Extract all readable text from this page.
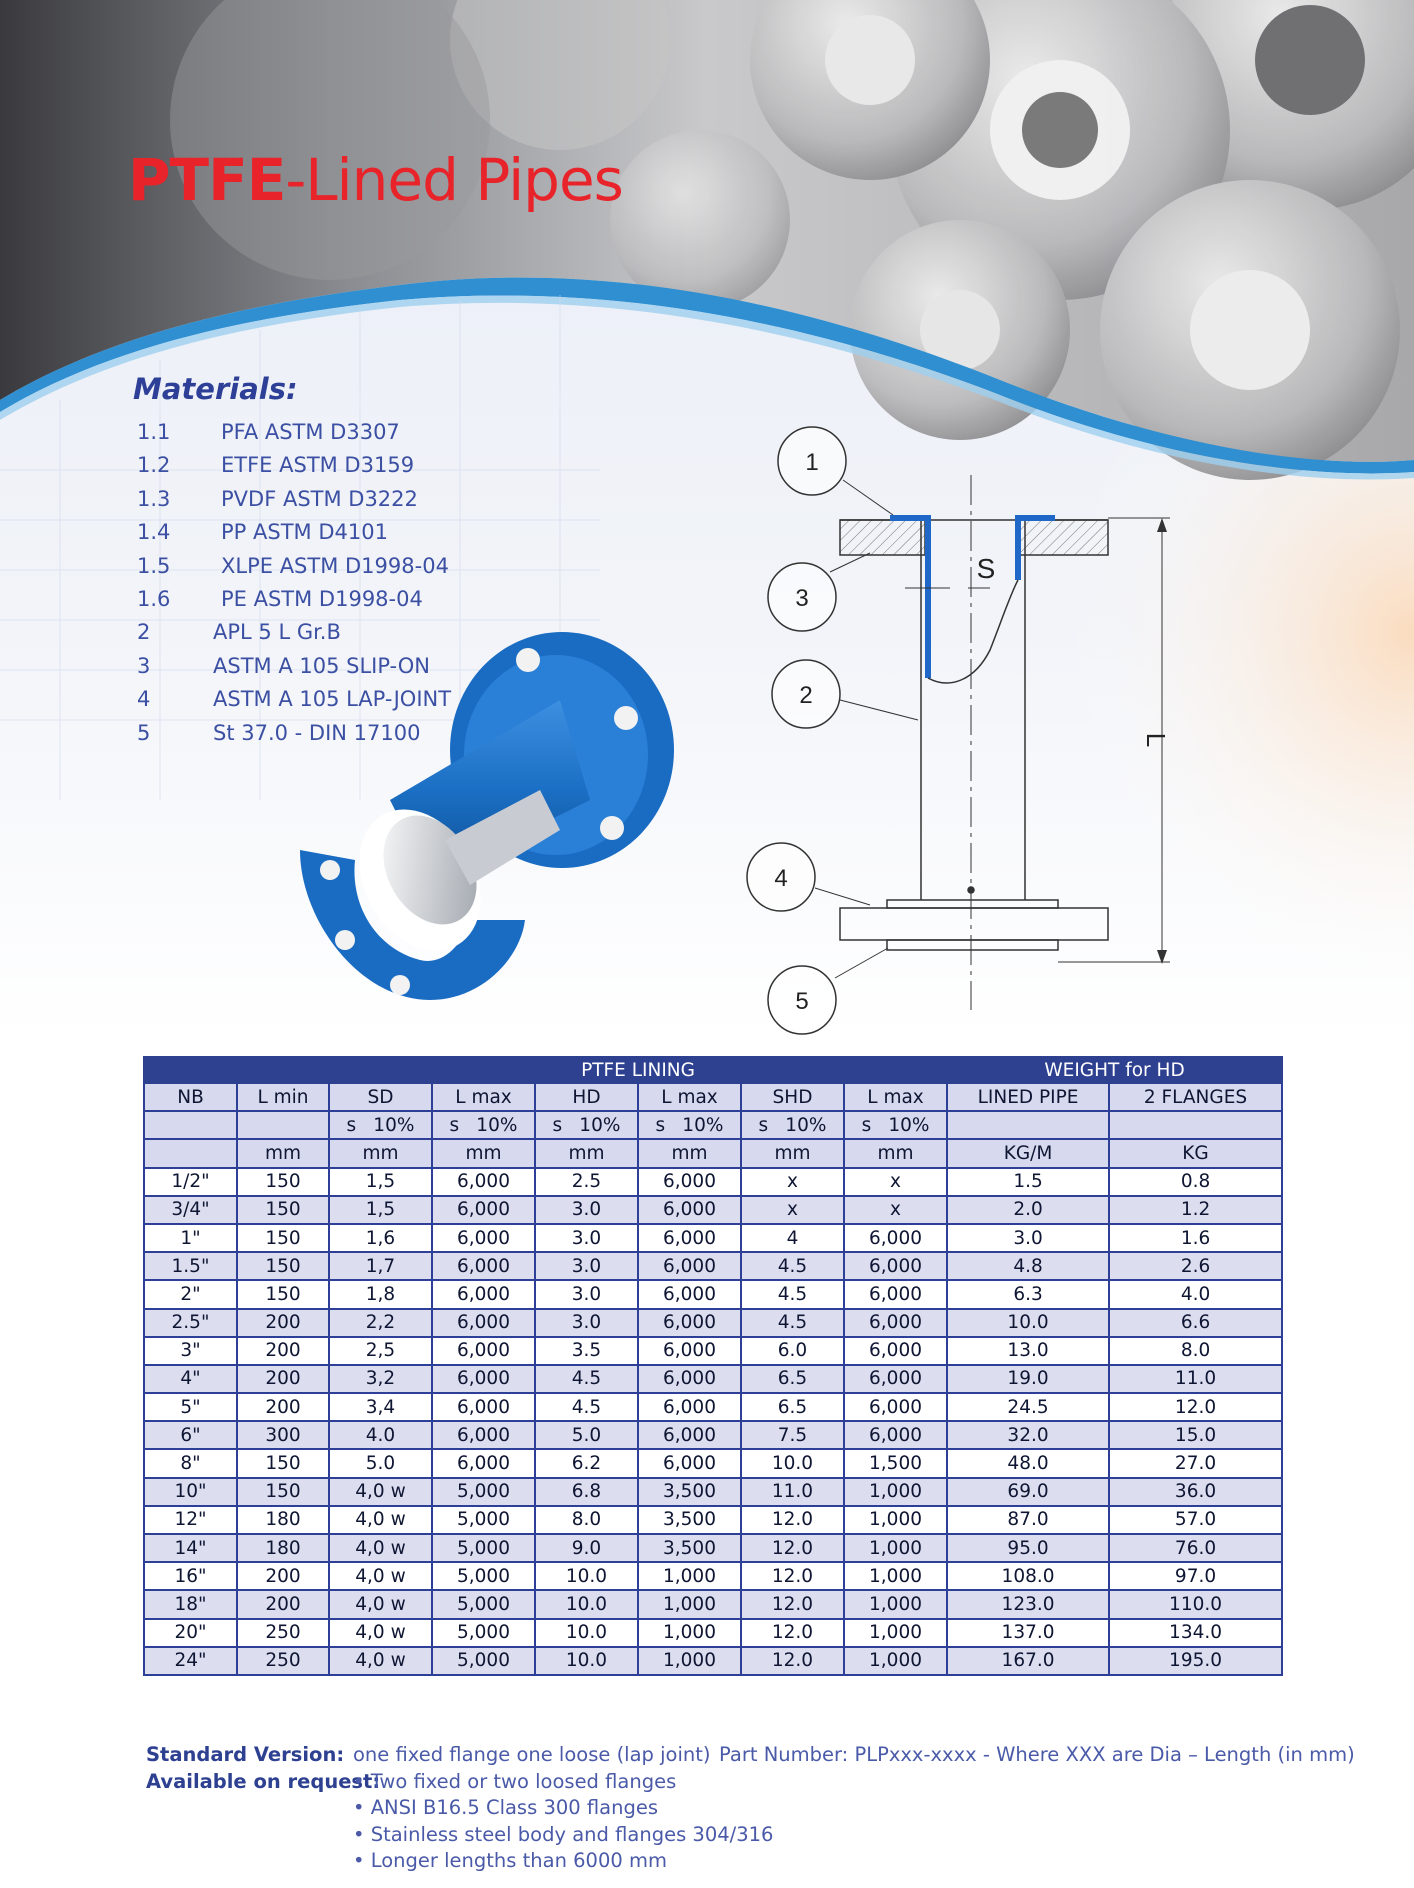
PTFE-Lined Pipes
Materials:
1.1 PFA ASTM D3307
1.2 ETFE ASTM D3159
1.3 PVDF ASTM D3222
1.4 PP ASTM D4101
1.5 XLPE ASTM D1998-04
1.6 PE ASTM D1998-04
2	APL 5 L Gr.B
3	ASTM A 105 SLIP-ON
4	ASTM A 105 LAP-JOINT
5	St 37.0 - DIN 17100
1
3
2
4
5
S
L
		PTFE LINING						WEIGHT for HD	
NB	L min	SD	L max	HD	L max	SHD	L max	LINED PIPE	2 FLANGES

		s 10%	s 10%	s 10%	s 10%	s 10%	s 10%		

	mm	mm	mm	mm	mm	mm	mm	KG/M	KG
1/2"	150	1,5	6,000	2.5	6,000	x	x	1.5	0.8
3/4"	150	1,5	6,000	3.0	6,000	x	x	2.0	1.2
1"	150	1,6	6,000	3.0	6,000	4	6,000	3.0	1.6
1.5"	150	1,7	6,000	3.0	6,000	4.5	6,000	4.8	2.6
2"	150	1,8	6,000	3.0	6,000	4.5	6,000	6.3	4.0
2.5"	200	2,2	6,000	3.0	6,000	4.5	6,000	10.0	6.6
3"	200	2,5	6,000	3.5	6,000	6.0	6,000	13.0	8.0
4"	200	3,2	6,000	4.5	6,000	6.5	6,000	19.0	11.0
5"	200	3,4	6,000	4.5	6,000	6.5	6,000	24.5	12.0
6"	300	4.0	6,000	5.0	6,000	7.5	6,000	32.0	15.0
8"	150	5.0	6,000	6.2	6,000	10.0	1,500	48.0	27.0
10"	150	4,0 w	5,000	6.8	3,500	11.0	1,000	69.0	36.0
12"	180	4,0 w	5,000	8.0	3,500	12.0	1,000	87.0	57.0
14"	180	4,0 w	5,000	9.0	3,500	12.0	1,000	95.0	76.0
16"	200	4,0 w	5,000	10.0	1,000	12.0	1,000	108.0	97.0
18"	200	4,0 w	5,000	10.0	1,000	12.0	1,000	123.0	110.0
20"	250	4,0 w	5,000	10.0	1,000	12.0	1,000	137.0	134.0
24"	250	4,0 w	5,000	10.0	1,000	12.0	1,000	167.0	195.0
Standard Version: one fixed flange one loose (lap joint) Part Number: PLPxxx-xxxx - Where XXX are Dia – Length (in mm)
Available on request:
• Two fixed or two loosed flanges
• ANSI B16.5 Class 300 flanges
• Stainless steel body and flanges 304/316
• Longer lengths than 6000 mm
